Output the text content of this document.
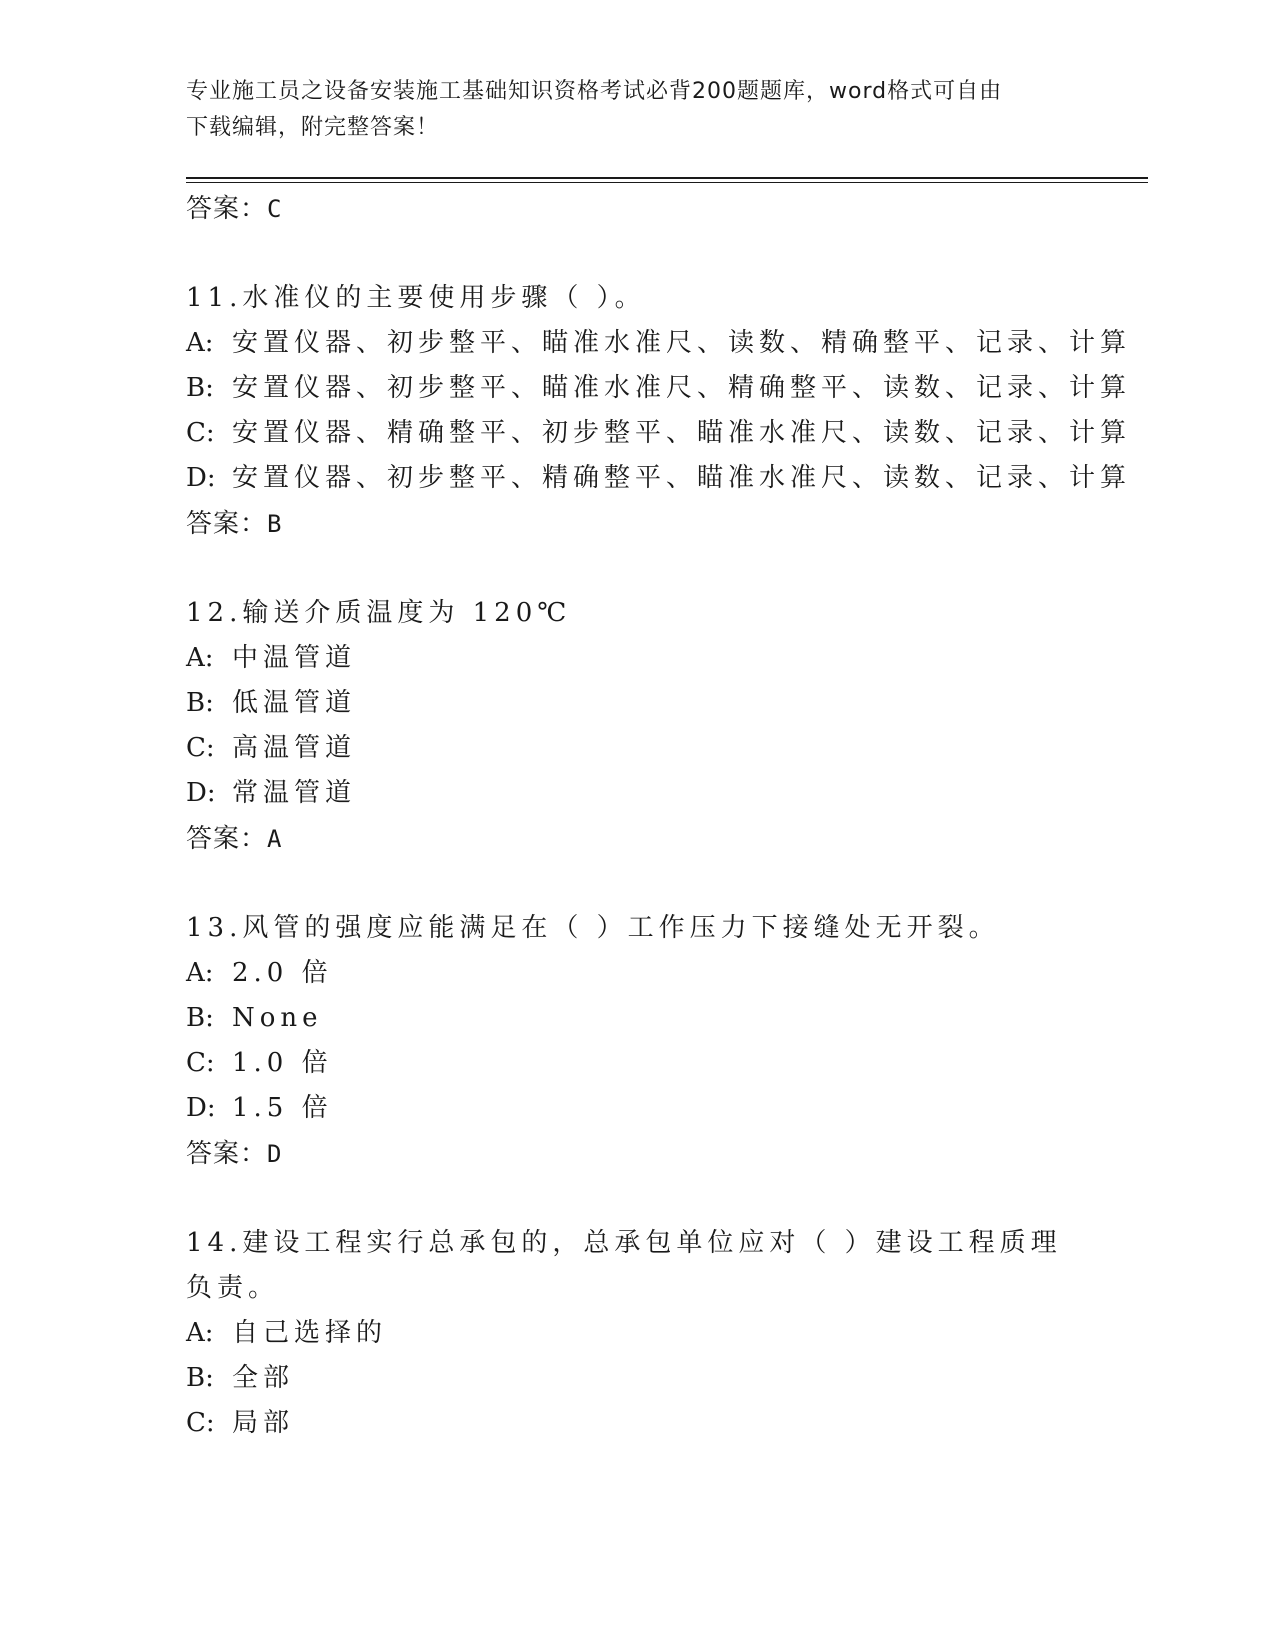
专业施工员之设备安装施工基础知识资格考试必背200题题库，word格式可自由
下载编辑，附完整答案！
答案：C
11.水准仪的主要使用步骤（ ）。
A: 安置仪器、初步整平、瞄准水准尺、读数、精确整平、记录、计算
B: 安置仪器、初步整平、瞄准水准尺、精确整平、读数、记录、计算
C: 安置仪器、精确整平、初步整平、瞄准水准尺、读数、记录、计算
D: 安置仪器、初步整平、精确整平、瞄准水准尺、读数、记录、计算
答案：B
12.输送介质温度为 120℃
A: 中温管道
B: 低温管道
C: 高温管道
D: 常温管道
答案：A
13.风管的强度应能满足在（ ）工作压力下接缝处无开裂。
A: 2.0 倍
B: None
C: 1.0 倍
D: 1.5 倍
答案：D
14.建设工程实行总承包的，总承包单位应对（ ）建设工程质理负责。
A: 自己选择的
B: 全部
C: 局部
